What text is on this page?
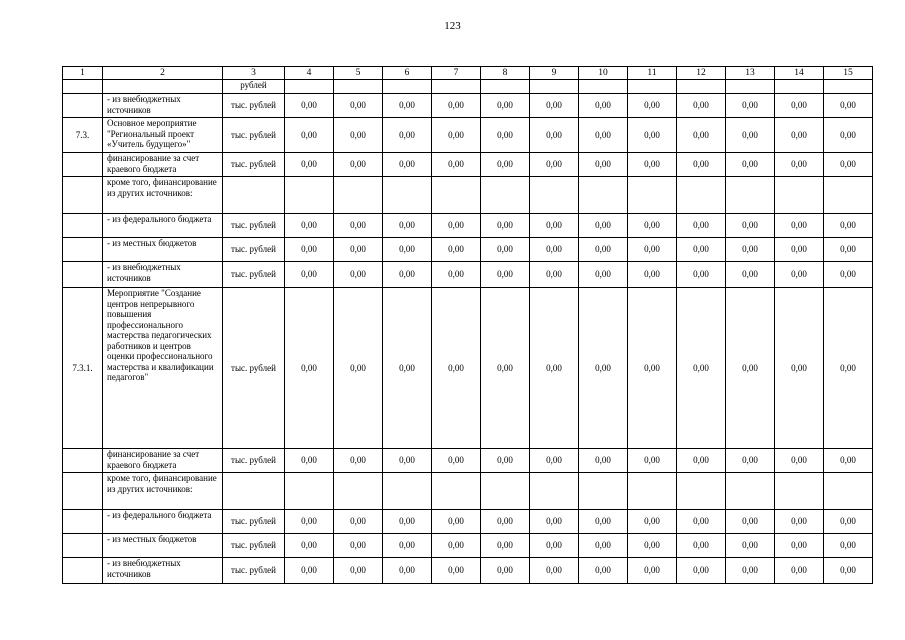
123
1	2	3	4	5	6	7	8	9	10	11	12	13	14	15
		рублей												
	- из внебюджетных источников	тыс. рублей	0,00	0,00	0,00	0,00	0,00	0,00	0,00	0,00	0,00	0,00	0,00	0,00
7.3.	Основное мероприятие "Региональный проект «Учитель будущего»"	тыс. рублей	0,00	0,00	0,00	0,00	0,00	0,00	0,00	0,00	0,00	0,00	0,00	0,00
	финансирование за счет краевого бюджета	тыс. рублей	0,00	0,00	0,00	0,00	0,00	0,00	0,00	0,00	0,00	0,00	0,00	0,00
	кроме того, финансирование из других источников:													
	- из федерального бюджета	тыс. рублей	0,00	0,00	0,00	0,00	0,00	0,00	0,00	0,00	0,00	0,00	0,00	0,00
	- из местных бюджетов	тыс. рублей	0,00	0,00	0,00	0,00	0,00	0,00	0,00	0,00	0,00	0,00	0,00	0,00
	- из внебюджетных источников	тыс. рублей	0,00	0,00	0,00	0,00	0,00	0,00	0,00	0,00	0,00	0,00	0,00	0,00
7.3.1.	Мероприятие "Создание центров непрерывного повышения профессионального мастерства педагогических работников и центров оценки профессионального мастерства и квалификации педагогов"	тыс. рублей	0,00	0,00	0,00	0,00	0,00	0,00	0,00	0,00	0,00	0,00	0,00	0,00
	финансирование за счет краевого бюджета	тыс. рублей	0,00	0,00	0,00	0,00	0,00	0,00	0,00	0,00	0,00	0,00	0,00	0,00
	кроме того, финансирование из других источников:													
	- из федерального бюджета	тыс. рублей	0,00	0,00	0,00	0,00	0,00	0,00	0,00	0,00	0,00	0,00	0,00	0,00
	- из местных бюджетов	тыс. рублей	0,00	0,00	0,00	0,00	0,00	0,00	0,00	0,00	0,00	0,00	0,00	0,00
	- из внебюджетных источников	тыс. рублей	0,00	0,00	0,00	0,00	0,00	0,00	0,00	0,00	0,00	0,00	0,00	0,00
